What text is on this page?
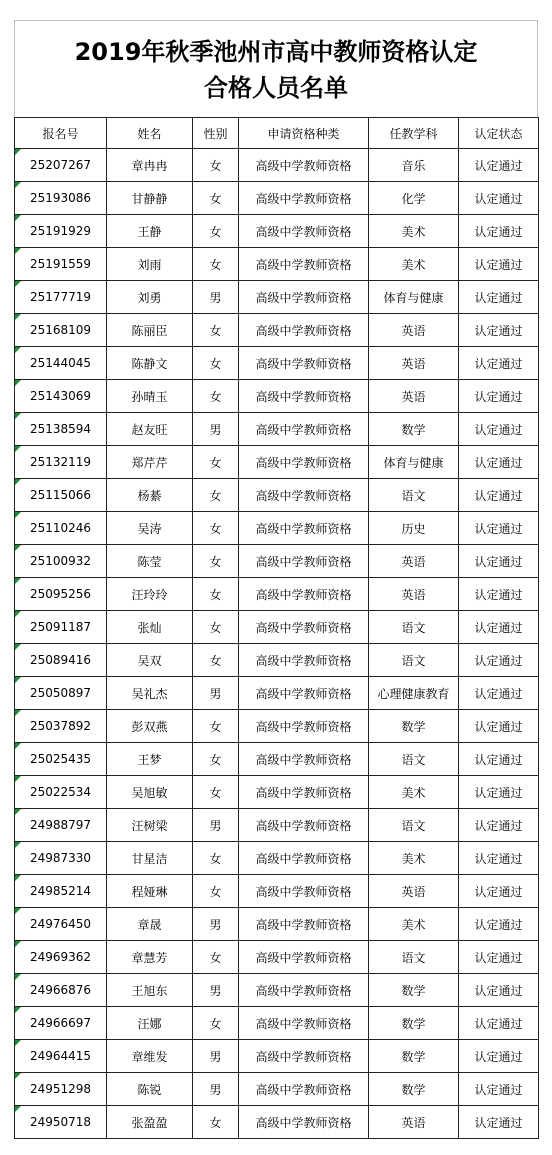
2019年秋季池州市高中教师资格认定
合格人员名单
报名号	姓名	性别	申请资格种类	任教学科	认定状态
25207267	章冉冉	女	高级中学教师资格	音乐	认定通过
25193086	甘静静	女	高级中学教师资格	化学	认定通过
25191929	王静	女	高级中学教师资格	美术	认定通过
25191559	刘雨	女	高级中学教师资格	美术	认定通过
25177719	刘勇	男	高级中学教师资格	体育与健康	认定通过
25168109	陈丽臣	女	高级中学教师资格	英语	认定通过
25144045	陈静文	女	高级中学教师资格	英语	认定通过
25143069	孙晴玉	女	高级中学教师资格	英语	认定通过
25138594	赵友旺	男	高级中学教师资格	数学	认定通过
25132119	郑芹芹	女	高级中学教师资格	体育与健康	认定通过
25115066	杨綦	女	高级中学教师资格	语文	认定通过
25110246	吴涛	女	高级中学教师资格	历史	认定通过
25100932	陈莹	女	高级中学教师资格	英语	认定通过
25095256	汪玲玲	女	高级中学教师资格	英语	认定通过
25091187	张灿	女	高级中学教师资格	语文	认定通过
25089416	吴双	女	高级中学教师资格	语文	认定通过
25050897	吴礼杰	男	高级中学教师资格	心理健康教育	认定通过
25037892	彭双燕	女	高级中学教师资格	数学	认定通过
25025435	王梦	女	高级中学教师资格	语文	认定通过
25022534	吴旭敏	女	高级中学教师资格	美术	认定通过
24988797	汪树梁	男	高级中学教师资格	语文	认定通过
24987330	甘星洁	女	高级中学教师资格	美术	认定通过
24985214	程娅琳	女	高级中学教师资格	英语	认定通过
24976450	章晟	男	高级中学教师资格	美术	认定通过
24969362	章慧芳	女	高级中学教师资格	语文	认定通过
24966876	王旭东	男	高级中学教师资格	数学	认定通过
24966697	汪娜	女	高级中学教师资格	数学	认定通过
24964415	章维发	男	高级中学教师资格	数学	认定通过
24951298	陈锐	男	高级中学教师资格	数学	认定通过
24950718	张盈盈	女	高级中学教师资格	英语	认定通过
